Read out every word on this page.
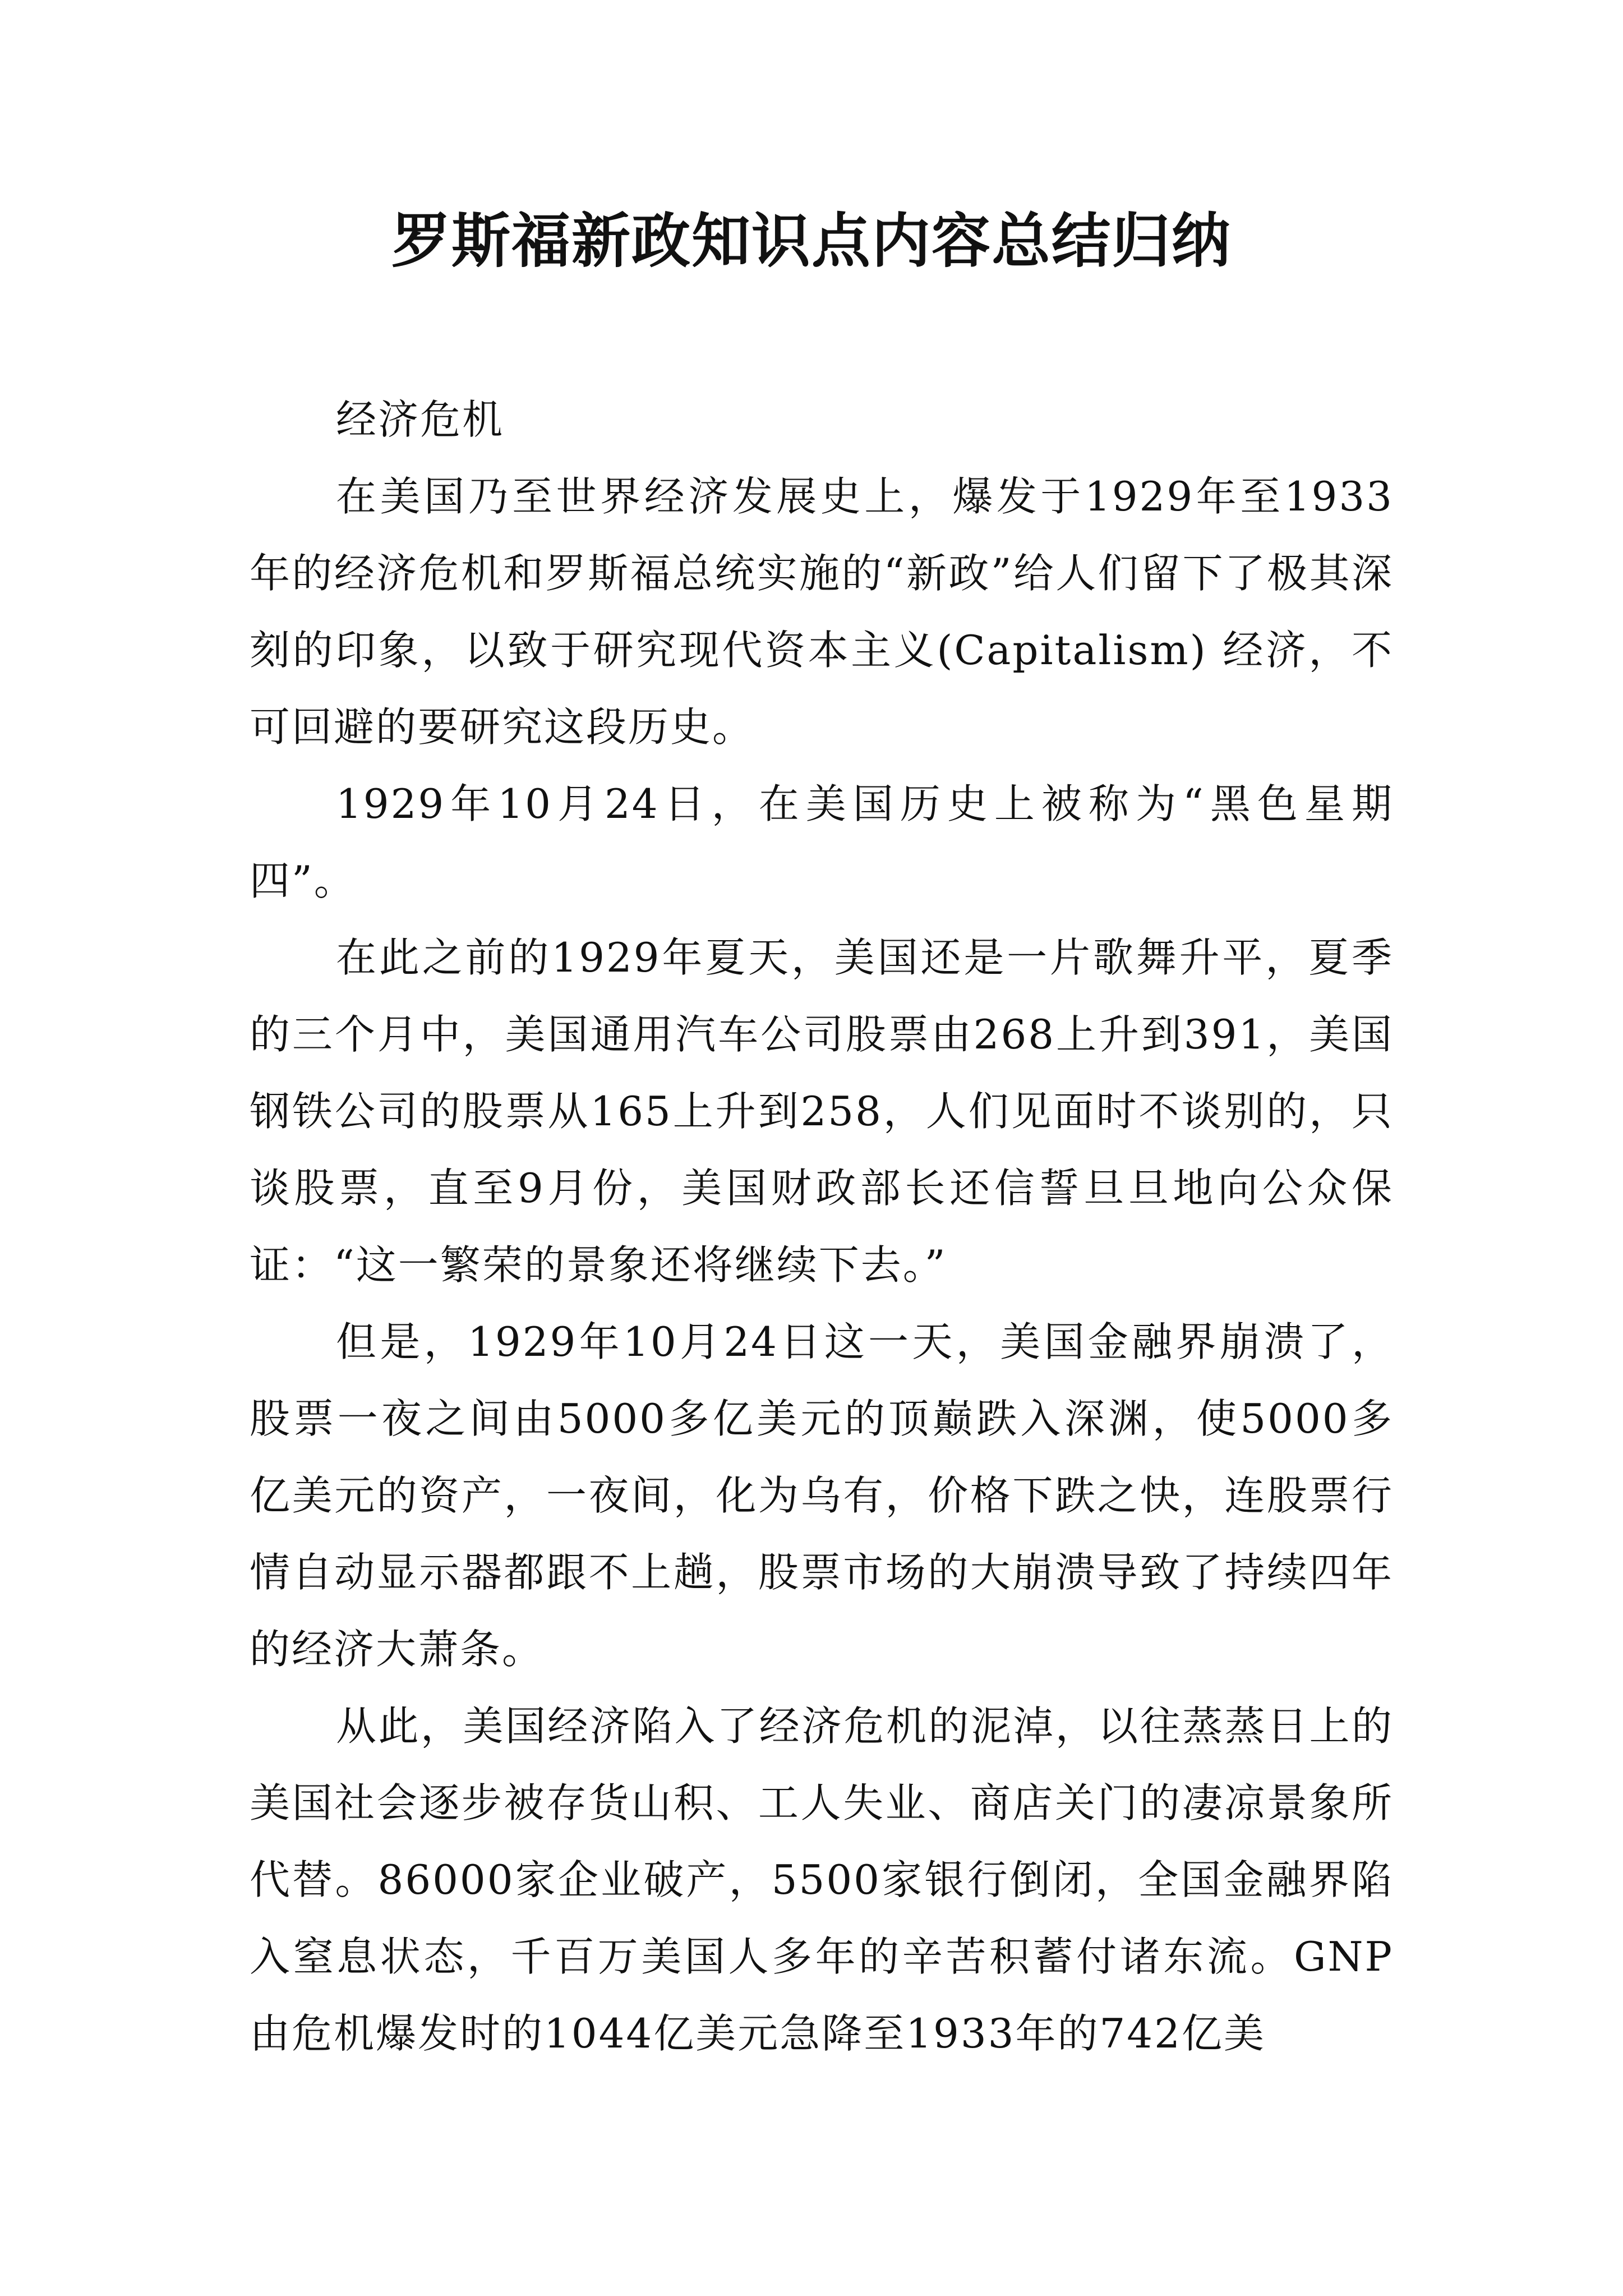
罗斯福新政知识点内容总结归纳

经济危机

在美国乃至世界经济发展史上，爆发于1929年至1933年的经济危机和罗斯福总统实施的“新政”给人们留下了极其深刻的印象，以致于研究现代资本主义(Capitalism) 经济，不可回避的要研究这段历史。

1929年10月24日，在美国历史上被称为“黑色星期四”。

在此之前的1929年夏天，美国还是一片歌舞升平，夏季的三个月中，美国通用汽车公司股票由268上升到391，美国钢铁公司的股票从165上升到258，人们见面时不谈别的，只谈股票，直至9月份，美国财政部长还信誓旦旦地向公众保证：“这一繁荣的景象还将继续下去。”

但是，1929年10月24日这一天，美国金融界崩溃了，股票一夜之间由5000多亿美元的顶巅跌入深渊，使5000多亿美元的资产，一夜间，化为乌有，价格下跌之快，连股票行情自动显示器都跟不上趟，股票市场的大崩溃导致了持续四年的经济大萧条。

从此，美国经济陷入了经济危机的泥淖，以往蒸蒸日上的美国社会逐步被存货山积、工人失业、商店关门的凄凉景象所代替。86000家企业破产，5500家银行倒闭，全国金融界陷入窒息状态，千百万美国人多年的辛苦积蓄付诸东流。GNP由危机爆发时的1044亿美元急降至1933年的742亿美
